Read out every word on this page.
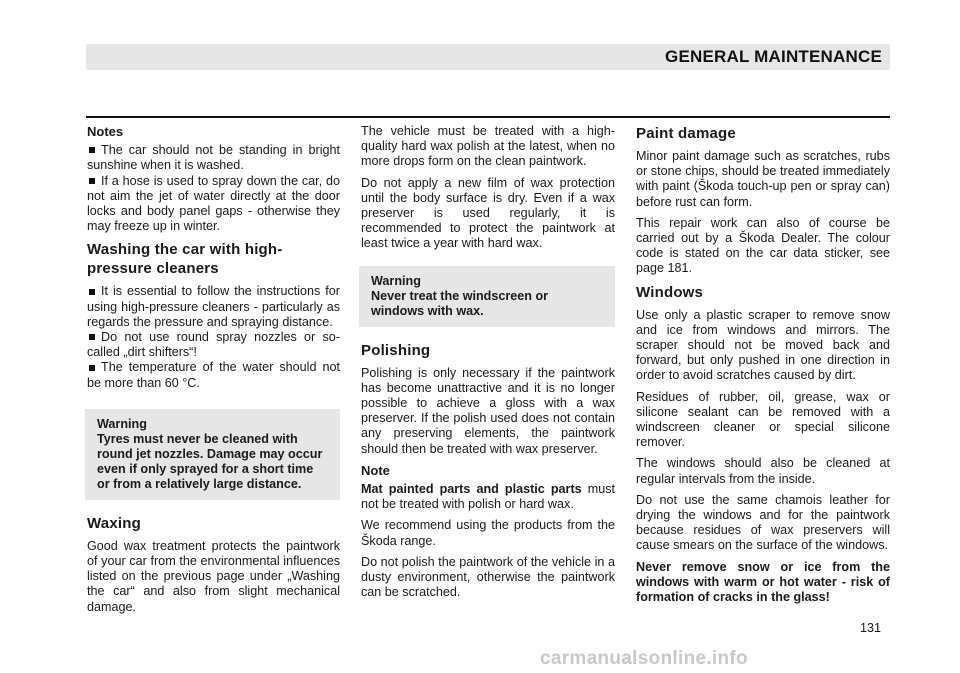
GENERAL MAINTENANCE
Notes

The car should not be standing in bright sunshine when it is washed.

If a hose is used to spray down the car, do not aim the jet of water directly at the door locks and body panel gaps - otherwise they may freeze up in winter.

Washing the car with high-pressure cleaners

It is essential to follow the instructions for using high-pressure cleaners - particularly as regards the pressure and spraying distance.

Do not use round spray nozzles or so-called „dirt shifters“!

The temperature of the water should not be more than 60 °C.

Warning
Tyres must never be cleaned with round jet nozzles. Damage may occur even if only sprayed for a short time or from a relatively large distance.
Waxing

Good wax treatment protects the paintwork of your car from the environmental influences listed on the previous page under „Washing the car“ and also from slight mechanical damage.

The vehicle must be treated with a high-quality hard wax polish at the latest, when no more drops form on the clean paintwork.

Do not apply a new film of wax protection until the body surface is dry. Even if a wax preserver is used regularly, it is recommended to protect the paintwork at least twice a year with hard wax.

Warning
Never treat the windscreen or windows with wax.
Polishing

Polishing is only necessary if the paintwork has become unattractive and it is no longer possible to achieve a gloss with a wax preserver. If the polish used does not contain any preserving elements, the paintwork should then be treated with wax preserver.

Note

Mat painted parts and plastic parts must not be treated with polish or hard wax.

We recommend using the products from the Škoda range.

Do not polish the paintwork of the vehicle in a dusty environment, otherwise the paintwork can be scratched.

Paint damage

Minor paint damage such as scratches, rubs or stone chips, should be treated immediately with paint (Škoda touch-up pen or spray can) before rust can form.

This repair work can also of course be carried out by a Škoda Dealer. The colour code is stated on the car data sticker, see page 181.

Windows

Use only a plastic scraper to remove snow and ice from windows and mirrors. The scraper should not be moved back and forward, but only pushed in one direction in order to avoid scratches caused by dirt.

Residues of rubber, oil, grease, wax or silicone sealant can be removed with a windscreen cleaner or special silicone remover.

The windows should also be cleaned at regular intervals from the inside.

Do not use the same chamois leather for drying the windows and for the paintwork because residues of wax preservers will cause smears on the surface of the windows.

Never remove snow or ice from the windows with warm or hot water - risk of formation of cracks in the glass!

131
carmanualsonline.info
